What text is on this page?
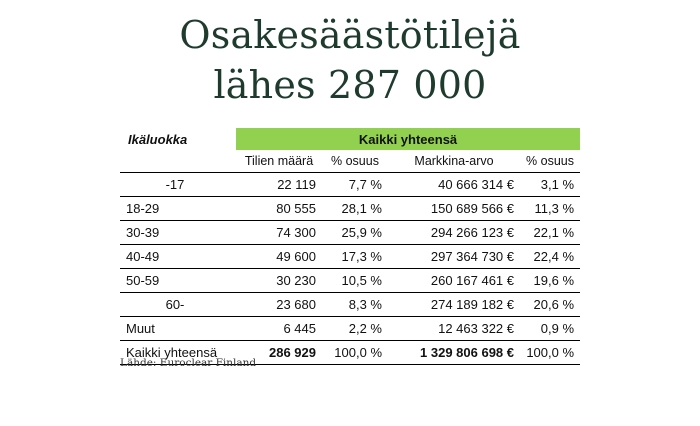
Osakesäästötilejä
lähes 287 000
Ikäluokka	Kaikki yhteensä			
	Tilien määrä	% osuus	Markkina-arvo	% osuus
-17	22 119	7,7 %	40 666 314 €	3,1 %
18-29	80 555	28,1 %	150 689 566 €	11,3 %
30-39	74 300	25,9 %	294 266 123 €	22,1 %
40-49	49 600	17,3 %	297 364 730 €	22,4 %
50-59	30 230	10,5 %	260 167 461 €	19,6 %
60-	23 680	8,3 %	274 189 182 €	20,6 %
Muut	6 445	2,2 %	12 463 322 €	0,9 %
Kaikki yhteensä	286 929	100,0 %	1 329 806 698 €	100,0 %
Lähde: Euroclear Finland
